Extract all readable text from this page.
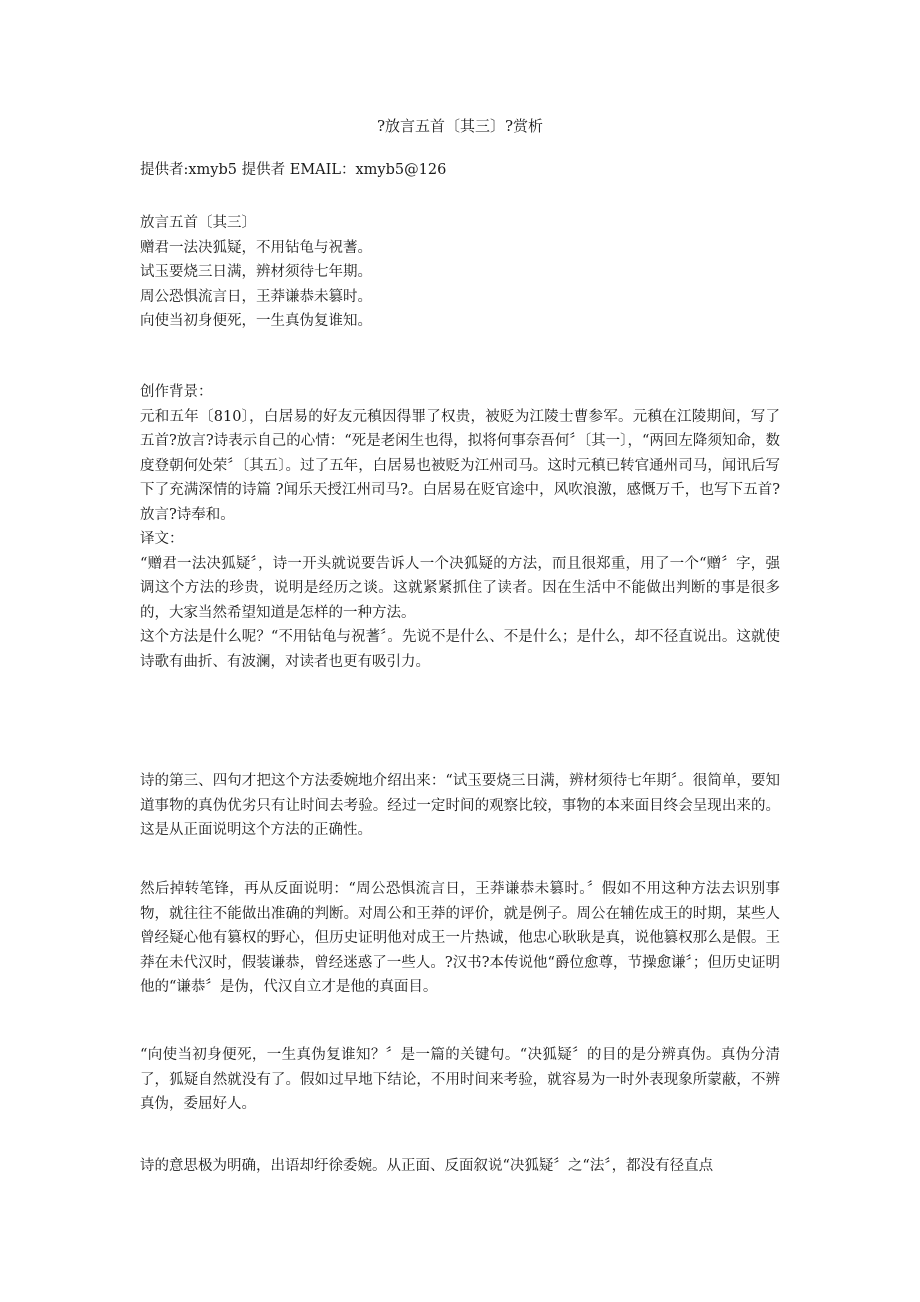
?放言五首〔其三〕?赏析
提供者:xmyb5 提供者 EMAIL：xmyb5@126

放言五首〔其三〕

赠君一法决狐疑，不用钻龟与祝蓍。

试玉要烧三日满，辨材须待七年期。

周公恐惧流言日，王莽谦恭未篡时。

向使当初身便死，一生真伪复谁知。

创作背景：

元和五年〔810〕，白居易的好友元稹因得罪了权贵，被贬为江陵士曹参军。元稹在江陵期间，写了五首?放言?诗表示自己的心情：“死是老闲生也得，拟将何事奈吾何〞〔其一〕，“两回左降须知命，数度登朝何处荣〞〔其五〕。过了五年，白居易也被贬为江州司马。这时元稹已转官通州司马，闻讯后写下了充满深情的诗篇 ?闻乐天授江州司马?。白居易在贬官途中，风吹浪激，感慨万千，也写下五首?放言?诗奉和。

译文：

“赠君一法决狐疑〞，诗一开头就说要告诉人一个决狐疑的方法，而且很郑重，用了一个“赠〞字，强调这个方法的珍贵，说明是经历之谈。这就紧紧抓住了读者。因在生活中不能做出判断的事是很多的，大家当然希望知道是怎样的一种方法。

这个方法是什么呢？“不用钻龟与祝蓍〞。先说不是什么、不是什么；是什么，却不径直说出。这就使诗歌有曲折、有波澜，对读者也更有吸引力。

诗的第三、四句才把这个方法委婉地介绍出来：“试玉要烧三日满，辨材须待七年期〞。很简单，要知道事物的真伪优劣只有让时间去考验。经过一定时间的观察比较，事物的本来面目终会呈现出来的。这是从正面说明这个方法的正确性。
然后掉转笔锋，再从反面说明：“周公恐惧流言日，王莽谦恭未篡时。〞假如不用这种方法去识别事物，就往往不能做出准确的判断。对周公和王莽的评价，就是例子。周公在辅佐成王的时期，某些人曾经疑心他有篡权的野心，但历史证明他对成王一片热诚，他忠心耿耿是真，说他篡权那么是假。王莽在未代汉时，假装谦恭，曾经迷惑了一些人。?汉书?本传说他“爵位愈尊，节操愈谦〞；但历史证明他的“谦恭〞是伪，代汉自立才是他的真面目。
“向使当初身便死，一生真伪复谁知？〞是一篇的关键句。“决狐疑〞的目的是分辨真伪。真伪分清了，狐疑自然就没有了。假如过早地下结论，不用时间来考验，就容易为一时外表现象所蒙蔽，不辨真伪，委屈好人。
诗的意思极为明确，出语却纡徐委婉。从正面、反面叙说“决狐疑〞之“法〞，都没有径直点
